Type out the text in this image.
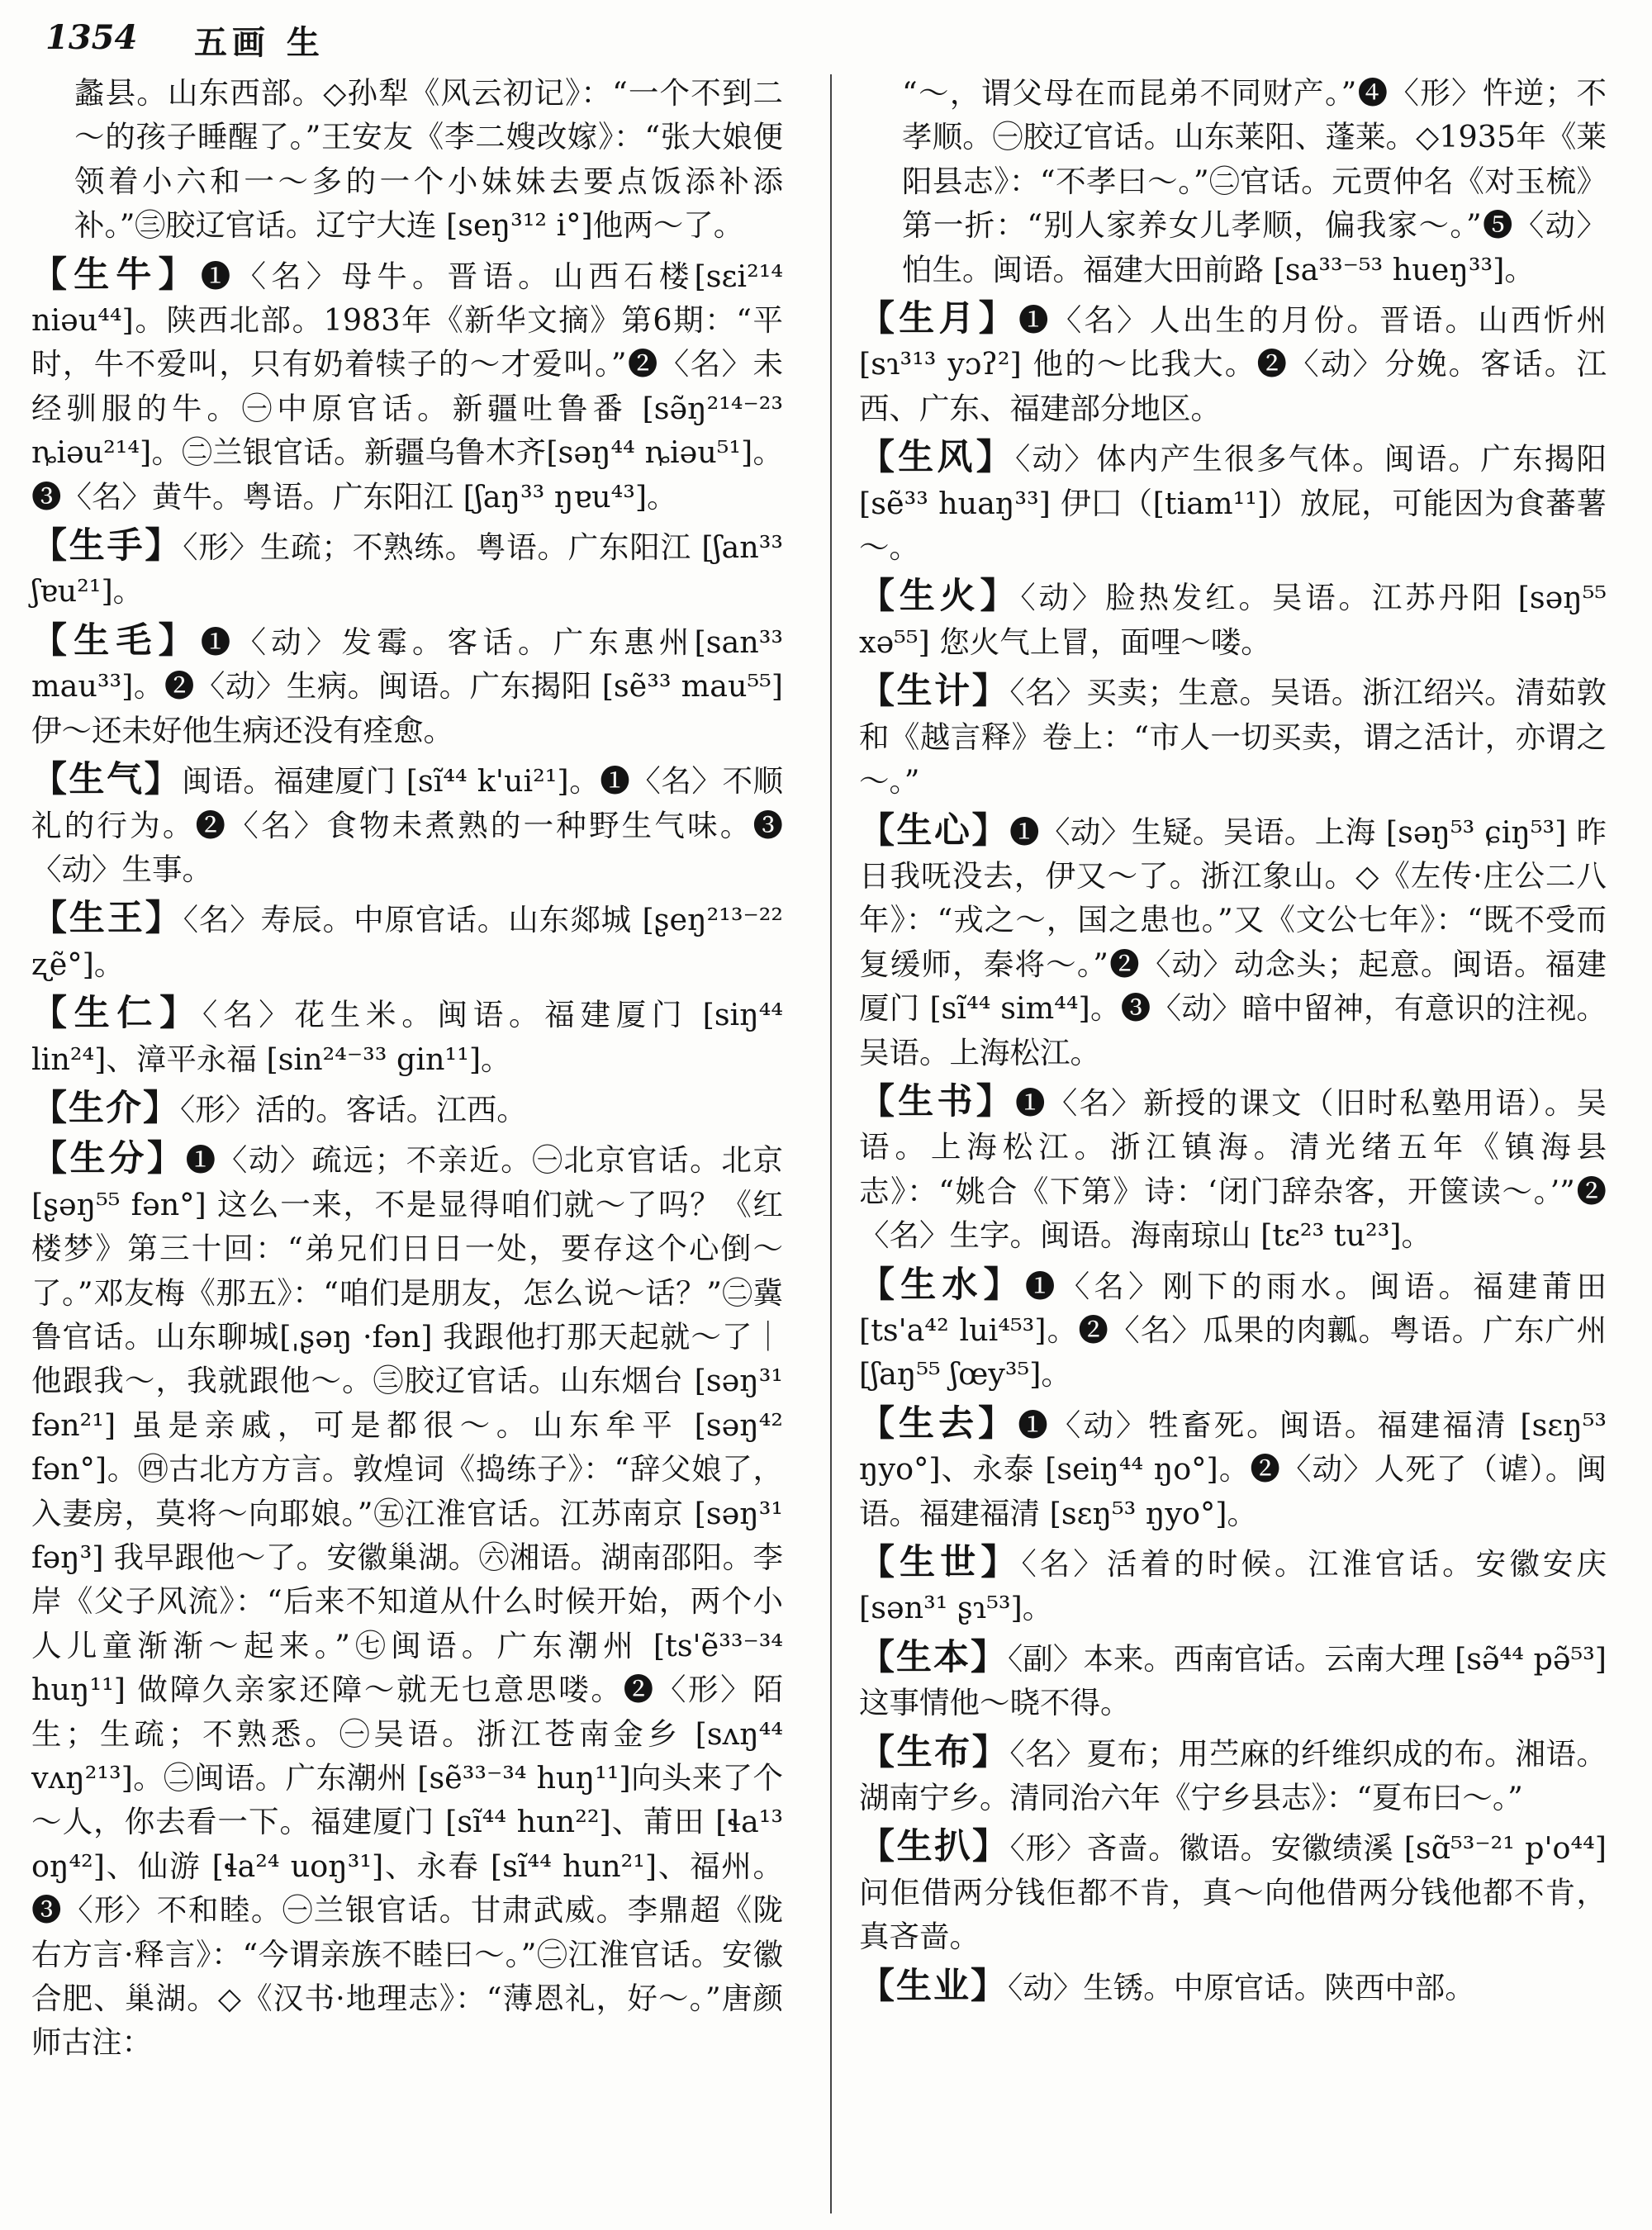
1354 五画 生

蠡县。山东西部。◇孙犁《风云初记》：“一个不到二～的孩子睡醒了。”王安友《李二嫂改嫁》：“张大娘便领着小六和一～多的一个小妹妹去要点饭添补添补。”㊂胶辽官话。辽宁大连 [seŋ³¹² i°]他两～了。

【生牛】❶〈名〉母牛。晋语。山西石楼[sɛi²¹⁴ niəu⁴⁴]。陕西北部。1983年《新华文摘》第6期：“平时，牛不爱叫，只有奶着犊子的～才爱叫。”❷〈名〉未经驯服的牛。㊀中原官话。新疆吐鲁番 [sə̃ŋ²¹⁴⁻²³ ȵiəu²¹⁴]。㊁兰银官话。新疆乌鲁木齐[səŋ⁴⁴ ȵiəu⁵¹]。❸〈名〉黄牛。粤语。广东阳江 [ʃaŋ³³ ŋɐu⁴³]。

【生手】〈形〉生疏；不熟练。粤语。广东阳江 [ʃan³³ ʃɐu²¹]。

【生毛】❶〈动〉发霉。客话。广东惠州[san³³ mau³³]。❷〈动〉生病。闽语。广东揭阳 [sẽ³³ mau⁵⁵] 伊～还未好他生病还没有痊愈。

【生气】闽语。福建厦门 [sĩ⁴⁴ k'ui²¹]。❶〈名〉不顺礼的行为。❷〈名〉食物未煮熟的一种野生气味。❸〈动〉生事。

【生王】〈名〉寿辰。中原官话。山东郯城 [ʂeŋ²¹³⁻²² ʐẽ°]。

【生仁】〈名〉花生米。闽语。福建厦门 [siŋ⁴⁴ lin²⁴]、漳平永福 [sin²⁴⁻³³ gin¹¹]。

【生介】〈形〉活的。客话。江西。

【生分】❶〈动〉疏远；不亲近。㊀北京官话。北京 [ʂəŋ⁵⁵ fən°] 这么一来，不是显得咱们就～了吗？《红楼梦》第三十回：“弟兄们日日一处，要存这个心倒～了。”邓友梅《那五》：“咱们是朋友，怎么说～话？”㊁冀鲁官话。山东聊城[ˌʂəŋ ·fən] 我跟他打那天起就～了｜他跟我～，我就跟他～。㊂胶辽官话。山东烟台 [səŋ³¹ fən²¹] 虽是亲戚，可是都很～。山东牟平 [səŋ⁴² fən°]。㊃古北方方言。敦煌词《捣练子》：“辞父娘了，入妻房，莫将～向耶娘。”㊄江淮官话。江苏南京 [səŋ³¹ fəŋ³] 我早跟他～了。安徽巢湖。㊅湘语。湖南邵阳。李岸《父子风流》：“后来不知道从什么时候开始，两个小人儿童渐渐～起来。”㊆闽语。广东潮州 [ts'ẽ³³⁻³⁴ huŋ¹¹] 做障久亲家还障～就无乜意思喽。❷〈形〉陌生；生疏；不熟悉。㊀吴语。浙江苍南金乡 [sʌŋ⁴⁴ vʌŋ²¹³]。㊁闽语。广东潮州 [sẽ³³⁻³⁴ huŋ¹¹]向头来了个～人，你去看一下。福建厦门 [sĩ⁴⁴ hun²²]、莆田 [ɬa¹³ oŋ⁴²]、仙游 [ɬa²⁴ uoŋ³¹]、永春 [sĩ⁴⁴ hun²¹]、福州。❸〈形〉不和睦。㊀兰银官话。甘肃武威。李鼎超《陇右方言·释言》：“今谓亲族不睦曰～。”㊁江淮官话。安徽合肥、巢湖。◇《汉书·地理志》：“薄恩礼，好～。”唐颜师古注：

“～，谓父母在而昆弟不同财产。”❹〈形〉忤逆；不孝顺。㊀胶辽官话。山东莱阳、蓬莱。◇1935年《莱阳县志》：“不孝曰～。”㊁官话。元贾仲名《对玉梳》第一折：“别人家养女儿孝顺，偏我家～。”❺〈动〉怕生。闽语。福建大田前路 [sa³³⁻⁵³ hueŋ³³]。

【生月】❶〈名〉人出生的月份。晋语。山西忻州 [sɿ³¹³ yɔʔ²] 他的～比我大。❷〈动〉分娩。客话。江西、广东、福建部分地区。

【生风】〈动〉体内产生很多气体。闽语。广东揭阳 [sẽ³³ huaŋ³³] 伊囗（[tiam¹¹]）放屁，可能因为食蕃薯～。

【生火】〈动〉脸热发红。吴语。江苏丹阳 [səŋ⁵⁵ xə⁵⁵] 您火气上冒，面哩～喽。

【生计】〈名〉买卖；生意。吴语。浙江绍兴。清茹敦和《越言释》卷上：“市人一切买卖，谓之活计，亦谓之～。”

【生心】❶〈动〉生疑。吴语。上海 [səŋ⁵³ ɕiŋ⁵³] 昨日我呒没去，伊又～了。浙江象山。◇《左传·庄公二八年》：“戎之～，国之患也。”又《文公七年》：“既不受而复缓师，秦将～。”❷〈动〉动念头；起意。闽语。福建厦门 [sĩ⁴⁴ sim⁴⁴]。❸〈动〉暗中留神，有意识的注视。吴语。上海松江。

【生书】❶〈名〉新授的课文（旧时私塾用语）。吴语。上海松江。浙江镇海。清光绪五年《镇海县志》：“姚合《下第》诗：‘闭门辞杂客，开箧读～。’”❷〈名〉生字。闽语。海南琼山 [tɛ²³ tu²³]。

【生水】❶〈名〉刚下的雨水。闽语。福建莆田 [ts'a⁴² lui⁴⁵³]。❷〈名〉瓜果的肉瓤。粤语。广东广州 [ʃaŋ⁵⁵ ʃœy³⁵]。

【生去】❶〈动〉牲畜死。闽语。福建福清 [sɛŋ⁵³ ŋyo°]、永泰 [seiŋ⁴⁴ ŋo°]。❷〈动〉人死了（谑）。闽语。福建福清 [sɛŋ⁵³ ŋyo°]。

【生世】〈名〉活着的时候。江淮官话。安徽安庆 [sən³¹ ʂɿ⁵³]。

【生本】〈副〉本来。西南官话。云南大理 [sə̃⁴⁴ pə̃⁵³] 这事情他～晓不得。

【生布】〈名〉夏布；用苎麻的纤维织成的布。湘语。湖南宁乡。清同治六年《宁乡县志》：“夏布曰～。”

【生扒】〈形〉吝啬。徽语。安徽绩溪 [sɑ̃⁵³⁻²¹ p'o⁴⁴] 问佢借两分钱佢都不肯，真～向他借两分钱他都不肯，真吝啬。

【生业】〈动〉生锈。中原官话。陕西中部。
